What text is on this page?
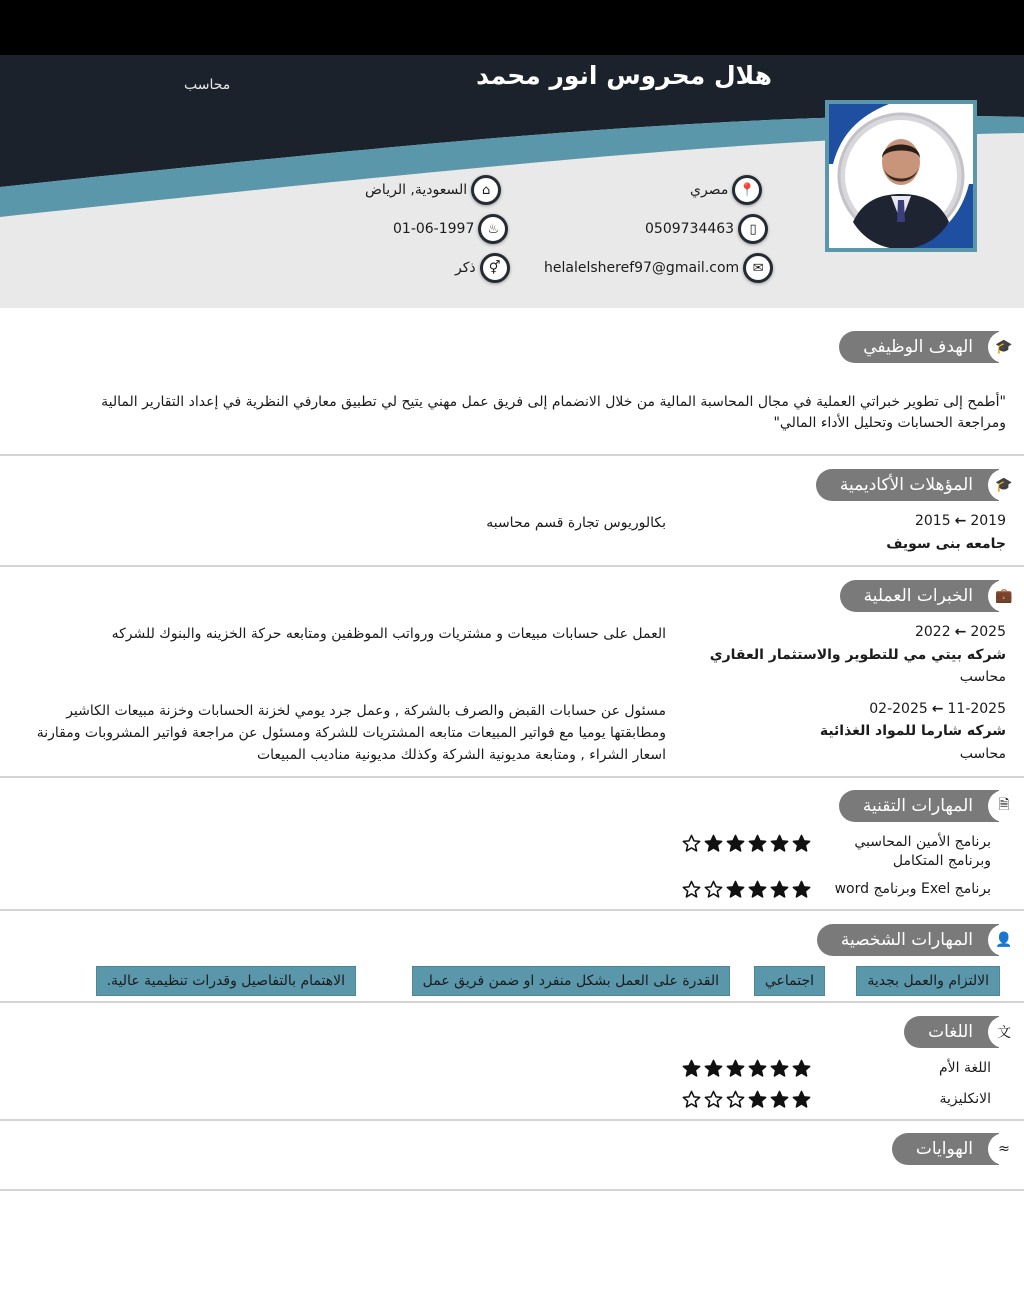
هلال محروس انور محمد
محاسب
📍
مصري
⌂
السعودية, الرياض
▯
0509734463
♨
01-06-1997
✉
helalelsheref97@gmail.com
⚥
ذكر
الهدف الوظيفي	🎓
"أطمح إلى تطوير خبراتي العملية في مجال المحاسبة المالية من خلال الانضمام إلى فريق عمل مهني يتيح لي تطبيق معارفي النظرية في إعداد التقارير المالية ومراجعة الحسابات وتحليل الأداء المالي"
المؤهلات الأكاديمية	🎓
2015 ← 2019
جامعه بنى سويف
بكالوريوس تجارة قسم محاسبه
الخبرات العملية	💼
2022 ← 2025
شركه بيتي مي للتطوير والاستثمار العقاري
محاسب
العمل على حسابات مبيعات و مشتريات ورواتب الموظفين ومتابعه حركة الخزينه والبنوك للشركه
02-2025 ← 11-2025
شركه شارما للمواد الغذائية
محاسب
مسئول عن حسابات القبض والصرف بالشركة , وعمل جرد يومي لخزنة الحسابات وخزنة مبيعات الكاشير ومطابقتها يوميا مع فواتير المبيعات متابعه المشتريات للشركة ومسئول عن مراجعة فواتير المشروبات ومقارنة اسعار الشراء , ومتابعة مديونية الشركة وكذلك مديونية مناديب المبيعات
المهارات التقنية	🗎
برنامج الأمين المحاسبي وبرنامج المتكامل
برنامج Exel وبرنامج word
المهارات الشخصية	👤
الالتزام والعمل بجدية
اجتماعي
القدرة على العمل بشكل منفرد او ضمن فريق عمل
الاهتمام بالتفاصيل وقدرات تنظيمية عالية.
اللغات	文
اللغة الأم
الانكليزية
الهوايات	≈
